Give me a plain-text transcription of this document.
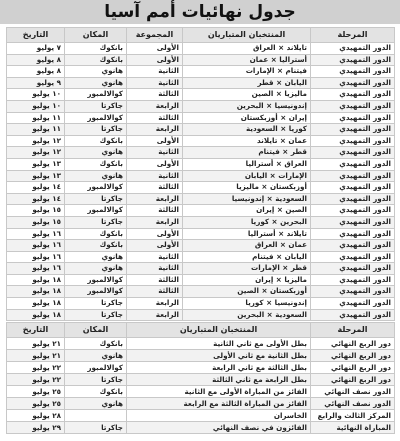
جدول نهائيات أمم آسيا
المرحلة	المنتخبان المتباريان	المجموعة	المكان	التاريخ
الدور التمهيدي	تايلاند × العراق	الأولى	بانكوك	٧ يوليو
الدور التمهيدي	أستراليا × عمان	الأولى	بانكوك	٨ يوليو
الدور التمهيدي	فيتنام × الإمارات	الثانية	هانوي	٨ يوليو
الدور التمهيدي	اليابان × قطر	الثانية	هانوي	٩ يوليو
الدور التمهيدي	ماليزيا × الصين	الثالثة	كوالالمبور	١٠ يوليو
الدور التمهيدي	إندونيسيا × البحرين	الرابعة	جاكرتا	١٠ يوليو
الدور التمهيدي	إيران × أوزبكستان	الثالثة	كوالالمبور	١١ يوليو
الدور التمهيدي	كوريا × السعودية	الرابعة	جاكرتا	١١ يوليو
الدور التمهيدي	عمان × تايلاند	الأولى	بانكوك	١٢ يوليو
الدور التمهيدي	قطر × فيتنام	الثانية	هانوي	١٢ يوليو
الدور التمهيدي	العراق × أستراليا	الأولى	بانكوك	١٣ يوليو
الدور التمهيدي	الإمارات × اليابان	الثانية	هانوي	١٣ يوليو
الدور التمهيدي	أوزبكستان × ماليزيا	الثالثة	كوالالمبور	١٤ يوليو
الدور التمهيدي	السعودية × إندونيسيا	الرابعة	جاكرتا	١٤ يوليو
الدور التمهيدي	الصين × إيران	الثالثة	كوالالمبور	١٥ يوليو
الدور التمهيدي	البحرين × كوريا	الرابعة	جاكرتا	١٥ يوليو
الدور التمهيدي	تايلاند × أستراليا	الأولى	بانكوك	١٦ يوليو
الدور التمهيدي	عمان × العراق	الأولى	بانكوك	١٦ يوليو
الدور التمهيدي	اليابان × فيتنام	الثانية	هانوي	١٦ يوليو
الدور التمهيدي	قطر × الإمارات	الثانية	هانوي	١٦ يوليو
الدور التمهيدي	ماليزيا × إيران	الثالثة	كوالالمبور	١٨ يوليو
الدور التمهيدي	أوزبكستان × الصين	الثالثة	كوالالمبور	١٨ يوليو
الدور التمهيدي	إندونيسيا × كوريا	الرابعة	جاكرتا	١٨ يوليو
الدور التمهيدي	السعودية × البحرين	الرابعة	جاكرتا	١٨ يوليو
المرحلة	المنتخبان المتباريان	المكان	التاريخ
دور الربع النهائي	بطل الأولى مع ثاني الثانية	بانكوك	٢١ يوليو
دور الربع النهائي	بطل الثانية مع ثاني الأولى	هانوي	٢١ يوليو
دور الربع النهائي	بطل الثالثة مع ثاني الرابعة	كوالالمبور	٢٢ يوليو
دور الربع النهائي	بطل الرابعة مع ثاني الثالثة	جاكرتا	٢٢ يوليو
الدور نصف النهائي	الفائز من المباراة الأولى مع الثانية	بانكوك	٢٥ يوليو
الدور نصف النهائي	الفائز من المباراة الثالثة مع الرابعة	هانوي	٢٥ يوليو
المركز الثالث والرابع	الخاسران		٢٨ يوليو
المباراة النهائية	الفائزون في نصف النهائي	جاكرتا	٢٩ يوليو
